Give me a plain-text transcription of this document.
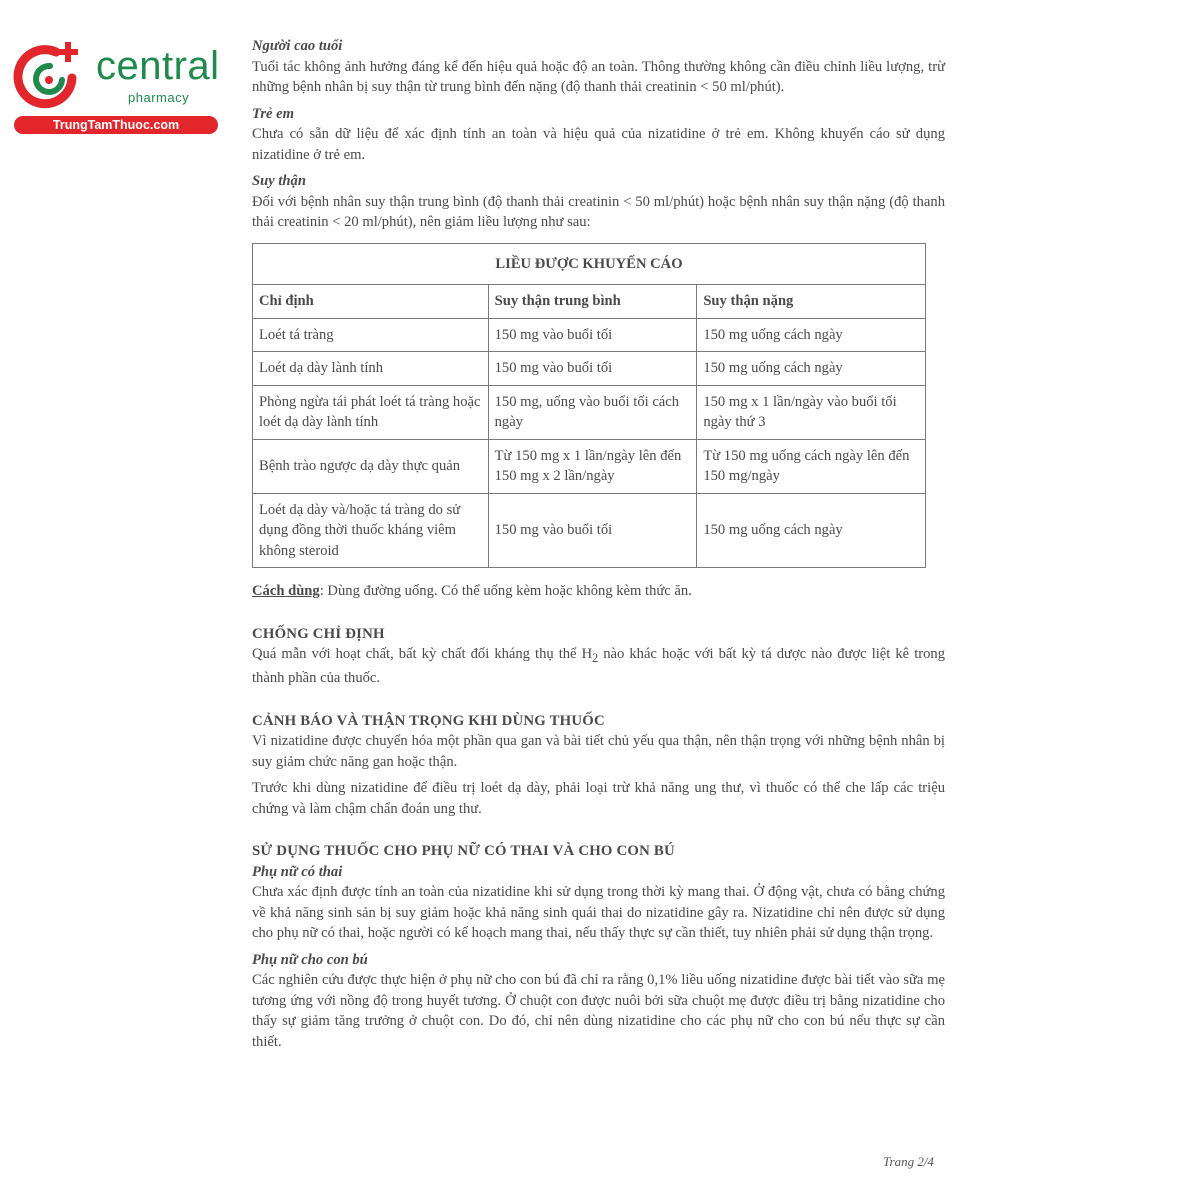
central
pharmacy
TrungTamThuoc.com

Người cao tuổi

Tuổi tác không ảnh hưởng đáng kể đến hiệu quả hoặc độ an toàn. Thông thường không cần điều chỉnh liều lượng, trừ những bệnh nhân bị suy thận từ trung bình đến nặng (độ thanh thải creatinin < 50 ml/phút).

Trẻ em

Chưa có sẵn dữ liệu để xác định tính an toàn và hiệu quả của nizatidine ở trẻ em. Không khuyến cáo sử dụng nizatidine ở trẻ em.

Suy thận

Đối với bệnh nhân suy thận trung bình (độ thanh thải creatinin < 50 ml/phút) hoặc bệnh nhân suy thận nặng (độ thanh thải creatinin < 20 ml/phút), nên giảm liều lượng như sau:

LIỀU ĐƯỢC KHUYẾN CÁO		
Chỉ định	Suy thận trung bình	Suy thận nặng
Loét tá tràng	150 mg vào buổi tối	150 mg uống cách ngày
Loét dạ dày lành tính	150 mg vào buổi tối	150 mg uống cách ngày
Phòng ngừa tái phát loét tá tràng hoặc loét dạ dày lành tính	150 mg, uống vào buổi tối cách ngày	150 mg x 1 lần/ngày vào buổi tối ngày thứ 3
Bệnh trào ngược dạ dày thực quản	Từ 150 mg x 1 lần/ngày lên đến 150 mg x 2 lần/ngày	Từ 150 mg uống cách ngày lên đến 150 mg/ngày
Loét dạ dày và/hoặc tá tràng do sử dụng đồng thời thuốc kháng viêm không steroid	150 mg vào buổi tối	150 mg uống cách ngày

Cách dùng: Dùng đường uống. Có thể uống kèm hoặc không kèm thức ăn.

CHỐNG CHỈ ĐỊNH

Quá mẫn với hoạt chất, bất kỳ chất đối kháng thụ thể $H_2$ nào khác hoặc với bất kỳ tá dược nào được liệt kê trong thành phần của thuốc.

CẢNH BÁO VÀ THẬN TRỌNG KHI DÙNG THUỐC

Vì nizatidine được chuyển hóa một phần qua gan và bài tiết chủ yếu qua thận, nên thận trọng với những bệnh nhân bị suy giảm chức năng gan hoặc thận.

Trước khi dùng nizatidine để điều trị loét dạ dày, phải loại trừ khả năng ung thư, vì thuốc có thể che lấp các triệu chứng và làm chậm chẩn đoán ung thư.

SỬ DỤNG THUỐC CHO PHỤ NỮ CÓ THAI VÀ CHO CON BÚ

Phụ nữ có thai

Chưa xác định được tính an toàn của nizatidine khi sử dụng trong thời kỳ mang thai. Ở động vật, chưa có bằng chứng về khả năng sinh sản bị suy giảm hoặc khả năng sinh quái thai do nizatidine gây ra. Nizatidine chỉ nên được sử dụng cho phụ nữ có thai, hoặc người có kế hoạch mang thai, nếu thấy thực sự cần thiết, tuy nhiên phải sử dụng thận trọng.

Phụ nữ cho con bú

Các nghiên cứu được thực hiện ở phụ nữ cho con bú đã chỉ ra rằng 0,1% liều uống nizatidine được bài tiết vào sữa mẹ tương ứng với nồng độ trong huyết tương. Ở chuột con được nuôi bởi sữa chuột mẹ được điều trị bằng nizatidine cho thấy sự giảm tăng trưởng ở chuột con. Do đó, chỉ nên dùng nizatidine cho các phụ nữ cho con bú nếu thực sự cần thiết.

Trang 2/4
